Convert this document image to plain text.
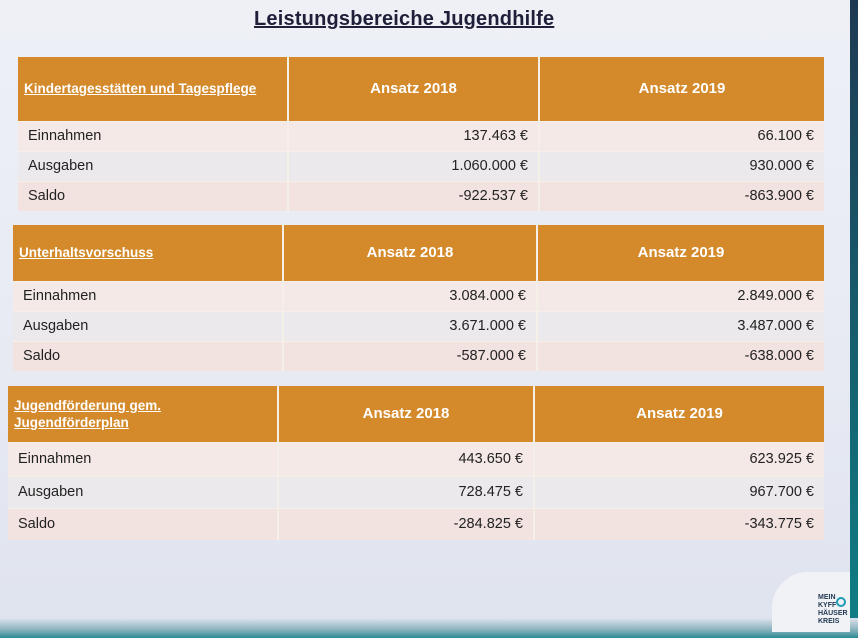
Leistungsbereiche Jugendhilfe
Kindertagesstätten und Tagespflege	Ansatz 2018	Ansatz 2019
Einnahmen	137.463 €	66.100 €
Ausgaben	1.060.000 €	930.000 €
Saldo	-922.537 €	-863.900 €
Unterhaltsvorschuss	Ansatz 2018	Ansatz 2019
Einnahmen	3.084.000 €	2.849.000 €
Ausgaben	3.671.000 €	3.487.000 €
Saldo	-587.000 €	-638.000 €
Jugendförderung gem. Jugendförderplan	Ansatz 2018	Ansatz 2019
Einnahmen	443.650 €	623.925 €
Ausgaben	728.475 €	967.700 €
Saldo	-284.825 €	-343.775 €
MEIN KYFF HÄUSER KREIS
